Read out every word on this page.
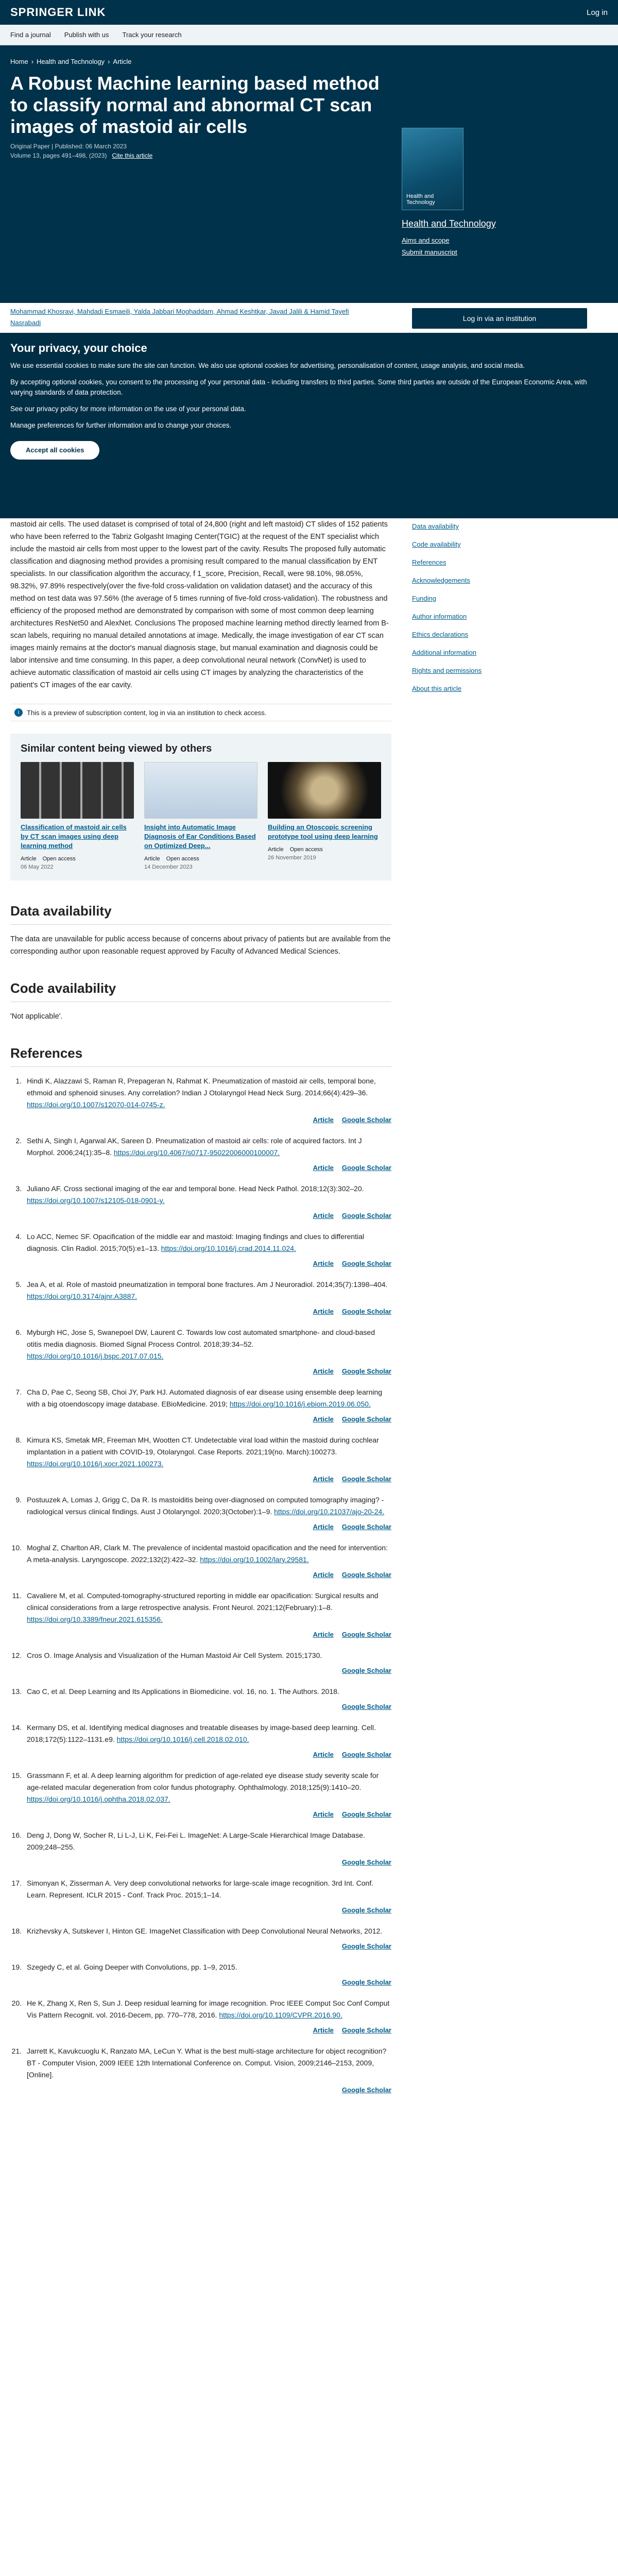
SPRINGER LINK	Log in
Find a journal Publish with us Track your research
Home › Health and Technology › Article
A Robust Machine learning based method to classify normal and abnormal CT scan images of mastoid air cells
Original Paper | Published: 06 March 2023
Volume 13, pages 491–498, (2023) Cite this article
Health and Technology
Health and Technology
Aims and scope
Submit manuscript
Mohammad Khosravi, Mahdadi Esmaeili, Yalda Jabbari Moghaddam, Ahmad Keshtkar, Javad Jalili & Hamid Tayefi Nasrabadi
Log in via an institution
Your privacy, your choice

We use essential cookies to make sure the site can function. We also use optional cookies for advertising, personalisation of content, usage analysis, and social media.

By accepting optional cookies, you consent to the processing of your personal data - including transfers to third parties. Some third parties are outside of the European Economic Area, with varying standards of data protection.

See our privacy policy for more information on the use of your personal data.

Manage preferences for further information and to change your choices.

Accept all cookies
mastoid air cells. The used dataset is comprised of total of 24,800 (right and left mastoid) CT slides of 152 patients who have been referred to the Tabriz Golgasht Imaging Center(TGIC) at the request of the ENT specialist which include the mastoid air cells from most upper to the lowest part of the cavity. Results The proposed fully automatic classification and diagnosing method provides a promising result compared to the manual classification by ENT specialists. In our classification algorithm the accuracy, f 1_score, Precision, Recall, were 98.10%, 98.05%, 98.32%, 97.89% respectively(over the five-fold cross-validation on validation dataset) and the accuracy of this method on test data was 97.56% (the average of 5 times running of five-fold cross-validation). The robustness and efficiency of the proposed method are demonstrated by comparison with some of most common deep learning architectures ResNet50 and AlexNet. Conclusions The proposed machine learning method directly learned from B-scan labels, requiring no manual detailed annotations at image. Medically, the image investigation of ear CT scan images mainly remains at the doctor's manual diagnosis stage, but manual examination and diagnosis could be labor intensive and time consuming. In this paper, a deep convolutional neural network (ConvNet) is used to achieve automatic classification of mastoid air cells using CT images by analyzing the characteristics of the patient's CT images of the ear cavity.
Data availability
Code availability
References
Acknowledgements
Funding
Author information
Ethics declarations
Additional information
Rights and permissions
About this article
i	This is a preview of subscription content, log in via an institution to check access.
Similar content being viewed by others
Classification of mastoid air cells by CT scan images using deep learning method
Article Open access
06 May 2022
Insight into Automatic Image Diagnosis of Ear Conditions Based on Optimized Deep...
Article Open access
14 December 2023
Building an Otoscopic screening prototype tool using deep learning
Article Open access
26 November 2019
Data availability

The data are unavailable for public access because of concerns about privacy of patients but are available from the corresponding author upon reasonable request approved by Faculty of Advanced Medical Sciences.

Code availability

'Not applicable'.

References
1. Hindi K, Alazzawi S, Raman R, Prepageran N, Rahmat K. Pneumatization of mastoid air cells, temporal bone, ethmoid and sphenoid sinuses. Any correlation? Indian J Otolaryngol Head Neck Surg. 2014;66(4):429–36. https://doi.org/10.1007/s12070-014-0745-z.
Article Google Scholar
2. Sethi A, Singh I, Agarwal AK, Sareen D. Pneumatization of mastoid air cells: role of acquired factors. Int J Morphol. 2006;24(1):35–8. https://doi.org/10.4067/s0717-95022006000100007.
Article Google Scholar
3. Juliano AF. Cross sectional imaging of the ear and temporal bone. Head Neck Pathol. 2018;12(3):302–20. https://doi.org/10.1007/s12105-018-0901-y.
Article Google Scholar
4. Lo ACC, Nemec SF. Opacification of the middle ear and mastoid: Imaging findings and clues to differential diagnosis. Clin Radiol. 2015;70(5):e1–13. https://doi.org/10.1016/j.crad.2014.11.024.
Article Google Scholar
5. Jea A, et al. Role of mastoid pneumatization in temporal bone fractures. Am J Neuroradiol. 2014;35(7):1398–404. https://doi.org/10.3174/ajnr.A3887.
Article Google Scholar
6. Myburgh HC, Jose S, Swanepoel DW, Laurent C. Towards low cost automated smartphone- and cloud-based otitis media diagnosis. Biomed Signal Process Control. 2018;39:34–52. https://doi.org/10.1016/j.bspc.2017.07.015.
Article Google Scholar
7. Cha D, Pae C, Seong SB, Choi JY, Park HJ. Automated diagnosis of ear disease using ensemble deep learning with a big otoendoscopy image database. EBioMedicine. 2019; https://doi.org/10.1016/j.ebiom.2019.06.050.
Article Google Scholar
8. Kimura KS, Smetak MR, Freeman MH, Wootten CT. Undetectable viral load within the mastoid during cochlear implantation in a patient with COVID-19, Otolaryngol. Case Reports. 2021;19(no. March):100273. https://doi.org/10.1016/j.xocr.2021.100273.
Article Google Scholar
9. Postuuzek A, Lomas J, Grigg C, Da R. Is mastoiditis being over-diagnosed on computed tomography imaging? - radiological versus clinical findings. Aust J Otolaryngol. 2020;3(October):1–9. https://doi.org/10.21037/ajo-20-24.
Article Google Scholar
10. Moghal Z, Charlton AR, Clark M. The prevalence of incidental mastoid opacification and the need for intervention: A meta-analysis. Laryngoscope. 2022;132(2):422–32. https://doi.org/10.1002/lary.29581.
Article Google Scholar
11. Cavaliere M, et al. Computed-tomography-structured reporting in middle ear opacification: Surgical results and clinical considerations from a large retrospective analysis. Front Neurol. 2021;12(February):1–8. https://doi.org/10.3389/fneur.2021.615356.
Article Google Scholar
12. Cros O. Image Analysis and Visualization of the Human Mastoid Air Cell System. 2015;1730.
Google Scholar
13. Cao C, et al. Deep Learning and Its Applications in Biomedicine. vol. 16, no. 1. The Authors. 2018.
Google Scholar
14. Kermany DS, et al. Identifying medical diagnoses and treatable diseases by image-based deep learning. Cell. 2018;172(5):1122–1131.e9. https://doi.org/10.1016/j.cell.2018.02.010.
Article Google Scholar
15. Grassmann F, et al. A deep learning algorithm for prediction of age-related eye disease study severity scale for age-related macular degeneration from color fundus photography. Ophthalmology. 2018;125(9):1410–20. https://doi.org/10.1016/j.ophtha.2018.02.037.
Article Google Scholar
16. Deng J, Dong W, Socher R, Li L-J, Li K, Fei-Fei L. ImageNet: A Large-Scale Hierarchical Image Database. 2009;248–255.
Google Scholar
17. Simonyan K, Zisserman A. Very deep convolutional networks for large-scale image recognition. 3rd Int. Conf. Learn. Represent. ICLR 2015 - Conf. Track Proc. 2015;1–14.
Google Scholar
18. Krizhevsky A, Sutskever I, Hinton GE. ImageNet Classification with Deep Convolutional Neural Networks, 2012.
Google Scholar
19. Szegedy C, et al. Going Deeper with Convolutions, pp. 1–9, 2015.
Google Scholar
20. He K, Zhang X, Ren S, Sun J. Deep residual learning for image recognition. Proc IEEE Comput Soc Conf Comput Vis Pattern Recognit. vol. 2016-Decem, pp. 770–778, 2016. https://doi.org/10.1109/CVPR.2016.90.
Article Google Scholar
21. Jarrett K, Kavukcuoglu K, Ranzato MA, LeCun Y. What is the best multi-stage architecture for object recognition? BT - Computer Vision, 2009 IEEE 12th International Conference on. Comput. Vision, 2009;2146–2153, 2009, [Online].
Google Scholar
